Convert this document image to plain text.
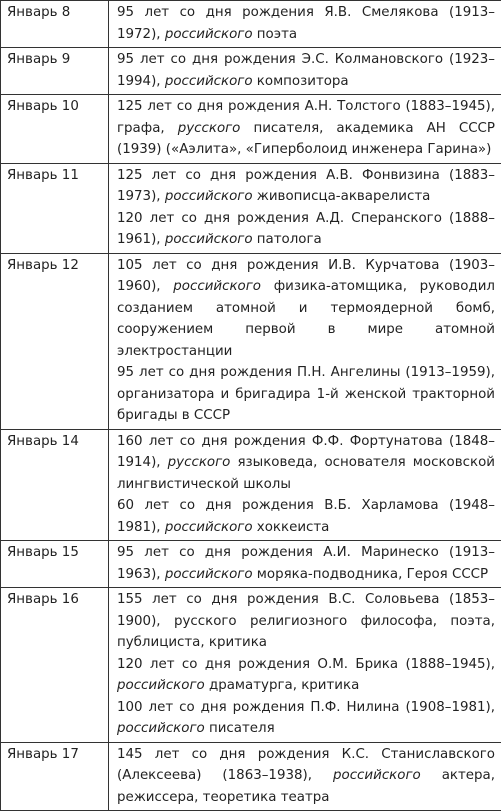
Январь 8	95 лет со дня рождения Я.В. Смелякова (1913–1972), российского поэта

Январь 9	95 лет со дня рождения Э.С. Колмановского (1923–1994), российского композитора

Январь 10	125 лет со дня рождения А.Н. Толстого (1883–1945), графа, русского писателя, академика АН СССР (1939) («Аэлита», «Гиперболоид инженера Гарина»)

Январь 11	125 лет со дня рождения А.В. Фонвизина (1883–1973), российского живописца-акварелиста
120 лет со дня рождения А.Д. Сперанского (1888–1961), российского патолога

Январь 12	105 лет со дня рождения И.В. Курчатова (1903–1960), российского физика-атомщика, руководил созданием атомной и термоядерной бомб, сооружением первой в мире атомной электростанции
95 лет со дня рождения П.Н. Ангелины (1913–1959), организатора и бригадира 1-й женской тракторной бригады в СССР

Январь 14	160 лет со дня рождения Ф.Ф. Фортунатова (1848–1914), русского языковеда, основателя московской лингвистической школы
60 лет со дня рождения В.Б. Харламова (1948–1981), российского хоккеиста

Январь 15	95 лет со дня рождения А.И. Маринеско (1913–1963), российского моряка-подводника, Героя СССР

Январь 16	155 лет со дня рождения В.С. Соловьева (1853–1900), русского религиозного философа, поэта, публициста, критика
120 лет со дня рождения О.М. Брика (1888–1945), российского драматурга, критика
100 лет со дня рождения П.Ф. Нилина (1908–1981), российского писателя

Январь 17	145 лет со дня рождения К.С. Станиславского (Алексеева) (1863–1938), российского актера, режиссера, теоретика театра
